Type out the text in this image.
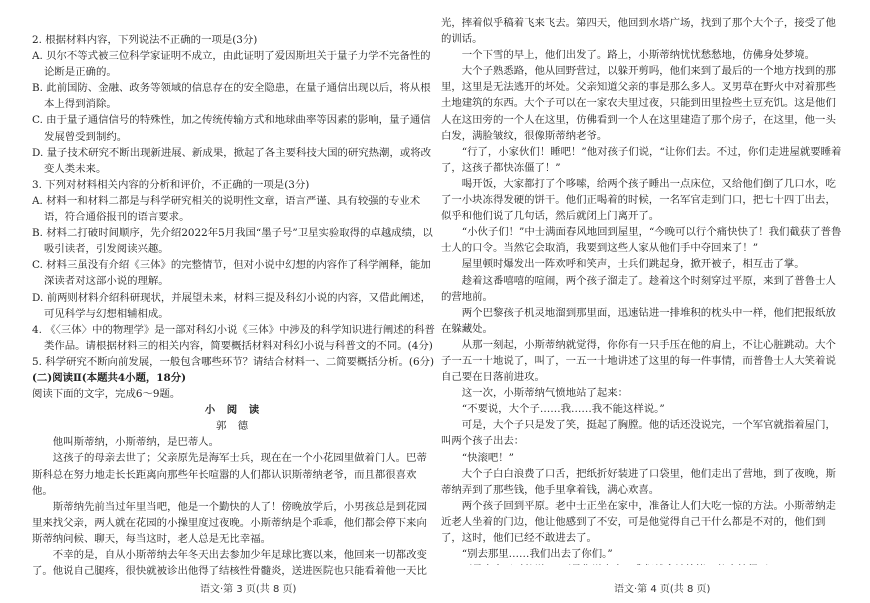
2. 根据材料内容，下列说法不正确的一项是(3分)

A. 贝尔不等式被三位科学家证明不成立，由此证明了爱因斯坦关于量子力学不完备性的论断是正确的。

B. 此前国防、金融、政务等领域的信息存在的安全隐患，在量子通信出现以后，将从根本上得到消除。

C. 由于量子通信信号的特殊性，加之传统传输方式和地球曲率等因素的影响，量子通信发展曾受到制约。

D. 量子技术研究不断出现新进展、新成果，掀起了各主要科技大国的研究热潮，或将改变人类未来。

3. 下列对材料相关内容的分析和评价，不正确的一项是(3分)

A. 材料一和材料二都是与科学研究相关的说明性文章，语言严谨、具有较强的专业术语，符合通俗报刊的语言要求。

B. 材料二打破时间顺序，先介绍2022年5月我国“墨子号”卫星实验取得的卓越成绩，以吸引读者，引发阅读兴趣。

C. 材料三虽没有介绍《三体》的完整情节，但对小说中幻想的内容作了科学阐释，能加深读者对这部小说的理解。

D. 前两则材料介绍科研现状，并展望未来，材料三提及科幻小说的内容，又借此阐述，可见科学与幻想相辅相成。

4. 《〈三体〉中的物理学》是一部对科幻小说《三体》中涉及的科学知识进行阐述的科普类作品。请根据材料三的相关内容，简要概括材料对科幻小说与科普文的不同。(4分)

5. 科学研究不断向前发展，一般包含哪些环节？请结合材料一、二简要概括分析。(6分)

(二)阅读Ⅱ(本题共4小题，18分)

阅读下面的文字，完成6～9题。

小 阅 读

郭 德

他叫斯蒂纳，小斯蒂纳，是巴蒂人。

这孩子的母亲去世了；父亲原先是海军士兵，现在在一个小花园里做着门人。巴蒂斯科总在努力地走长长距离向那些年长喧嚣的人们都认识斯蒂纳老爷，而且都很喜欢他。

斯蒂纳先前当过年里当吧，他是一个勤快的人了！傍晚放学后，小男孩总是到花园里来找父亲，两人就在花园的小操里度过夜晚。小斯蒂纳是个乖乖，他们都会停下来向斯蒂纳问候、聊天，每当这时，老人总是无比幸福。

不幸的是，自从小斯蒂纳去年冬天出去参加少年足球比赛以来，他回来一切都改变了。他说自己腿疼，很快就被诊出他得了结核性骨髓炎，送进医院也只能看着他一天比

光，摔着似乎稿着飞来飞去。第四天，他回到水塔广场，找到了那个大个子，接受了他的训话。

一个下雪的早上，他们出发了。路上，小斯蒂纳忧忧愁愁地，仿佛身处梦境。

大个子熟悉路，他从回野营过，以躲开剪吗，他们来到了最后的一个地方找到的那里，这里是无法逃开的坏处。父亲知道父亲的事是那么多人。叉男草在野火中对着那些土地建筑的东西。大个子可以在一家农夫里过夜，只能到田里捡些土豆充饥。这是他们人在这田旁的一个人在这里，仿佛看到一个人在这里建造了那个房子，在这里，他一头白发，满脸皱纹，很像斯蒂纳老爷。

“行了，小家伙们！睡吧！”他对孩子们说，“让你们去。不过，你们走进屋就要睡着了，这孩子都快冻僵了！”

喝开饭，大家都打了个哆嗦，给两个孩子睡出一点床位，又给他们倒了几口水，吃了一小块冻得发硬的饼干。他们正喝着的时候，一名军官走到门口，把七十四丁出去，似乎和他们说了几句话，然后就闭上门离开了。

“小伙子们！”中士满面春风地回到屋里，“今晚可以行个痛快快了！我们截获了普鲁士人的口令。当然它会取消，我要到这些人家从他们手中夺回来了！”

屋里顿时爆发出一阵欢呼和笑声，士兵们跳起身，掀开被子，相互击了掌。

趁着这番嘻嘻的喧闹，两个孩子溜走了。趁着这个时刻穿过平原，来到了普鲁士人的营地前。

两个巴黎孩子机灵地溜到那里面，迅速钻进一排堆积的枕头中一样，他们把报纸放在躲藏处。

从那一刻起，小斯蒂纳就觉得，你你有一只手压在他的肩上，不让心脏跳动。大个子一五一十地说了，叫了，一五一十地讲述了这里的每一件事情，而普鲁士人大笑着说自己要在日落前进攻。

这一次，小斯蒂纳气愤地站了起来：

“不要说，大个子……我……我不能这样说。”

可是，大个子只是发了笑，挺起了胸膛。他的话还没说完，一个军官就指着屋门，叫两个孩子出去：

“快滚吧！”

大个子白白浪费了口舌，把纸折好装进了口袋里，他们走出了营地，到了夜晚，斯蒂纳弄到了那些钱，他手里拿着钱，满心欢喜。

两个孩子回到平原。老中士正坐在家中，准备让人们大吃一惊的方法。小斯蒂纳走近老人坐着的门边，他让他感到了不安，可是他觉得自己干什么都是不对的，他们到了，这时，他们已经不敢进去了。

“别去那里……我们出去了你们。”

语文·第 3 页(共 8 页)	语文·第 4 页(共 8 页)
